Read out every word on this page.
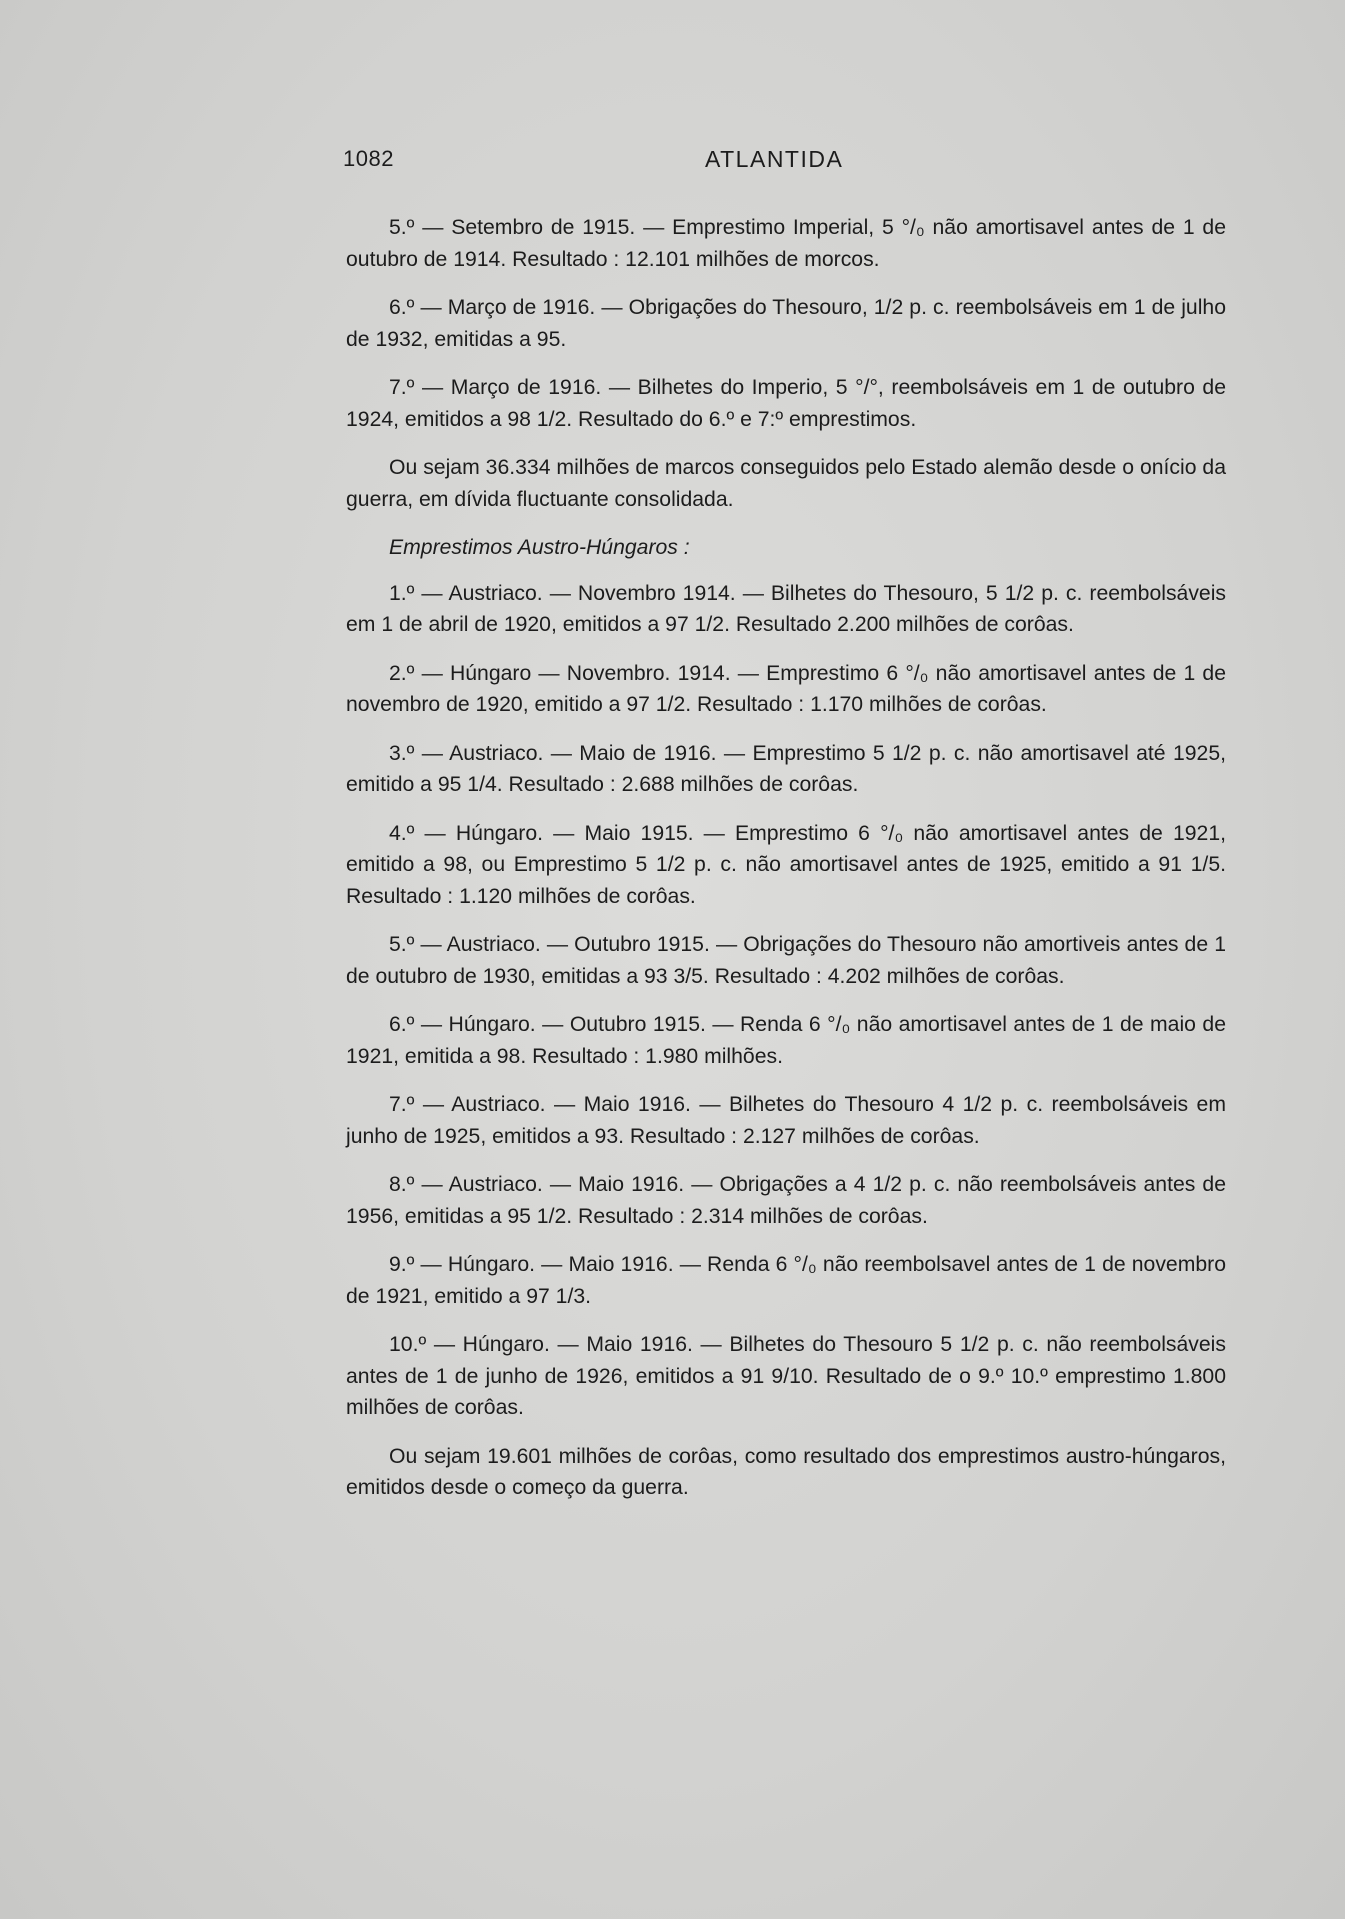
1082	ATLANTIDA

5.º — Setembro de 1915. — Emprestimo Imperial, 5 °/₀ não amortisavel antes de 1 de outubro de 1914. Resultado : 12.101 milhões de morcos.

6.º — Março de 1916. — Obrigações do Thesouro, 1/2 p. c. reembolsáveis em 1 de julho de 1932, emitidas a 95.

7.º — Março de 1916. — Bilhetes do Imperio, 5 °/°, reembolsáveis em 1 de outubro de 1924, emitidos a 98 1/2. Resultado do 6.º e 7:º emprestimos.

Ou sejam 36.334 milhões de marcos conseguidos pelo Estado alemão desde o onício da guerra, em dívida fluctuante consolidada.

Emprestimos Austro-Húngaros :

1.º — Austriaco. — Novembro 1914. — Bilhetes do Thesouro, 5 1/2 p. c. reembolsáveis em 1 de abril de 1920, emitidos a 97 1/2. Resultado 2.200 milhões de corôas.

2.º — Húngaro — Novembro. 1914. — Emprestimo 6 °/₀ não amortisavel antes de 1 de novembro de 1920, emitido a 97 1/2. Resultado : 1.170 milhões de corôas.

3.º — Austriaco. — Maio de 1916. — Emprestimo 5 1/2 p. c. não amortisavel até 1925, emitido a 95 1/4. Resultado : 2.688 milhões de corôas.

4.º — Húngaro. — Maio 1915. — Emprestimo 6 °/₀ não amortisavel antes de 1921, emitido a 98, ou Emprestimo 5 1/2 p. c. não amortisavel antes de 1925, emitido a 91 1/5. Resultado : 1.120 milhões de corôas.

5.º — Austriaco. — Outubro 1915. — Obrigações do Thesouro não amortiveis antes de 1 de outubro de 1930, emitidas a 93 3/5. Resultado : 4.202 milhões de corôas.

6.º — Húngaro. — Outubro 1915. — Renda 6 °/₀ não amortisavel antes de 1 de maio de 1921, emitida a 98. Resultado : 1.980 milhões.

7.º — Austriaco. — Maio 1916. — Bilhetes do Thesouro 4 1/2 p. c. reembolsáveis em junho de 1925, emitidos a 93. Resultado : 2.127 milhões de corôas.

8.º — Austriaco. — Maio 1916. — Obrigações a 4 1/2 p. c. não reembolsáveis antes de 1956, emitidas a 95 1/2. Resultado : 2.314 milhões de corôas.

9.º — Húngaro. — Maio 1916. — Renda 6 °/₀ não reembolsavel antes de 1 de novembro de 1921, emitido a 97 1/3.

10.º — Húngaro. — Maio 1916. — Bilhetes do Thesouro 5 1/2 p. c. não reembolsáveis antes de 1 de junho de 1926, emitidos a 91 9/10. Resultado de o 9.º 10.º emprestimo 1.800 milhões de corôas.

Ou sejam 19.601 milhões de corôas, como resultado dos emprestimos austro-húngaros, emitidos desde o começo da guerra.
